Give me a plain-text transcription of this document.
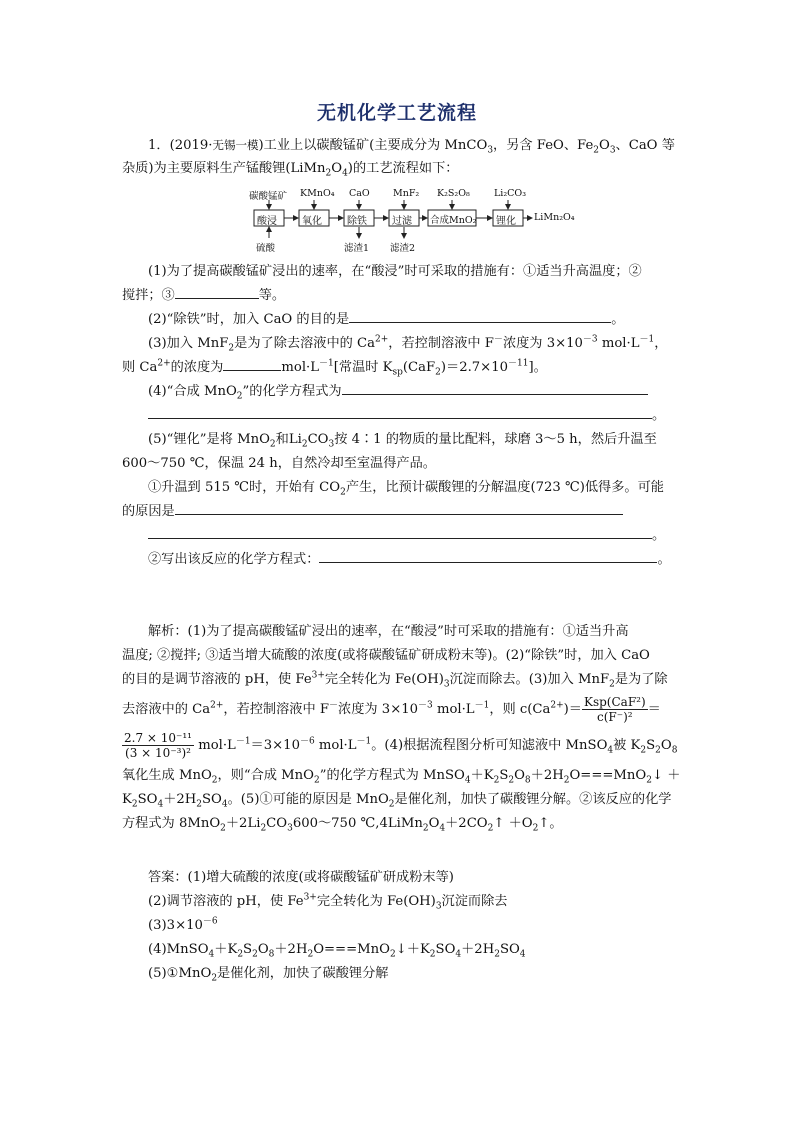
无机化学工艺流程
1．(2019·无锡一模)工业上以碳酸锰矿(主要成分为 MnCO$_3$，另含 FeO、$Fe_2O_3$、CaO 等
杂质)为主要原料生产锰酸锂$(LiMn_2O_4)$的工艺流程如下：
碳酸锰矿 KMnO₄ CaO MnF₂ K₂S₂O₈	Li₂CO₃
酸浸	氧化	除铁	过滤 合成MnO₂ 锂化 LiMn₂O₄
硫酸	滤渣1 滤渣2
(1)为了提高碳酸锰矿浸出的速率，在“酸浸”时可采取的措施有：①适当升高温度；②
搅拌；③	等。
(2)“除铁”时，加入 CaO 的目的是	。
(3)加入 MnF$_2$是为了除去溶液中的 $Ca^{2+}$，若控制溶液中 F－浓度为 $3\times 10^{-3}$ $mol\cdot L^{-1}$，
则 $Ca^{2+}$的浓度为	$mol\cdot L^{-1}$[常温时 $K_{sp}(CaF_2)=2.7\times 10^{-11}$]。
(4)“合成 MnO$_2$”的化学方程式为
。
(5)“锂化”是将 MnO$_2$和$Li_2CO_3$按 4∶1 的物质的量比配料，球磨 3～5 h，然后升温至
600～750 ℃，保温 24 h，自然冷却至室温得产品。
①升温到 515 ℃时，开始有 $CO_2$产生，比预计碳酸锂的分解温度(723 ℃)低得多。可能
的原因是
。
②写出该反应的化学方程式：	。
解析：(1)为了提高碳酸锰矿浸出的速率，在“酸浸”时可采取的措施有：①适当升高
温度; ②搅拌; ③适当增大硫酸的浓度(或将碳酸锰矿研成粉末等)。(2)“除铁”时，加入 CaO
的目的是调节溶液的 pH，使 $Fe^{3+}$完全转化为 $Fe(OH)_3$沉淀而除去。(3)加入 MnF$_2$是为了除
去溶液中的 $Ca^{2+}$，若控制溶液中 F－浓度为 $3\times 10^{-3}$ $mol\cdot L^{-1}$，则 $c(Ca^{2+})= \frac{\text{Ksp(CaF²)}}{\text{c(F⁻)²}}$ ＝
$\frac{\text{2.7 × 10⁻¹¹}}{\text{(3 × 10⁻³)²}} mol\cdot L^{-1}=3\times 10^{-6}$ $mol\cdot L^{-1}$。(4)根据流程图分析可知滤液中 MnSO$_4$被 $K_2S_2O_8$
氧化生成 MnO$_2$，则“合成 MnO$_2$”的化学方程式为 $MnSO_4+K_2S_2O_8+2H_2O===MnO_2↓$ ＋
$K_2SO_4+2H_2SO_4$。(5)①可能的原因是 MnO$_2$是催化剂，加快了碳酸锂分解。②该反应的化学
方程式为 $8MnO_2+2Li_2CO_3600\sim 750$ $℃,4LiMn_2O_4+2CO_2↑$ $+O_2↑$。
答案：(1)增大硫酸的浓度(或将碳酸锰矿研成粉末等)
(2)调节溶液的 pH，使 $Fe^{3+}$完全转化为 $Fe(OH)_3$沉淀而除去
$(3)3\times 10^{-6}$
$(4)MnSO_4+K_2S_2O_8+2H_2O===MnO_2↓+K_2SO_4+2H_2SO_4$
(5)①MnO$_2$是催化剂，加快了碳酸锂分解
